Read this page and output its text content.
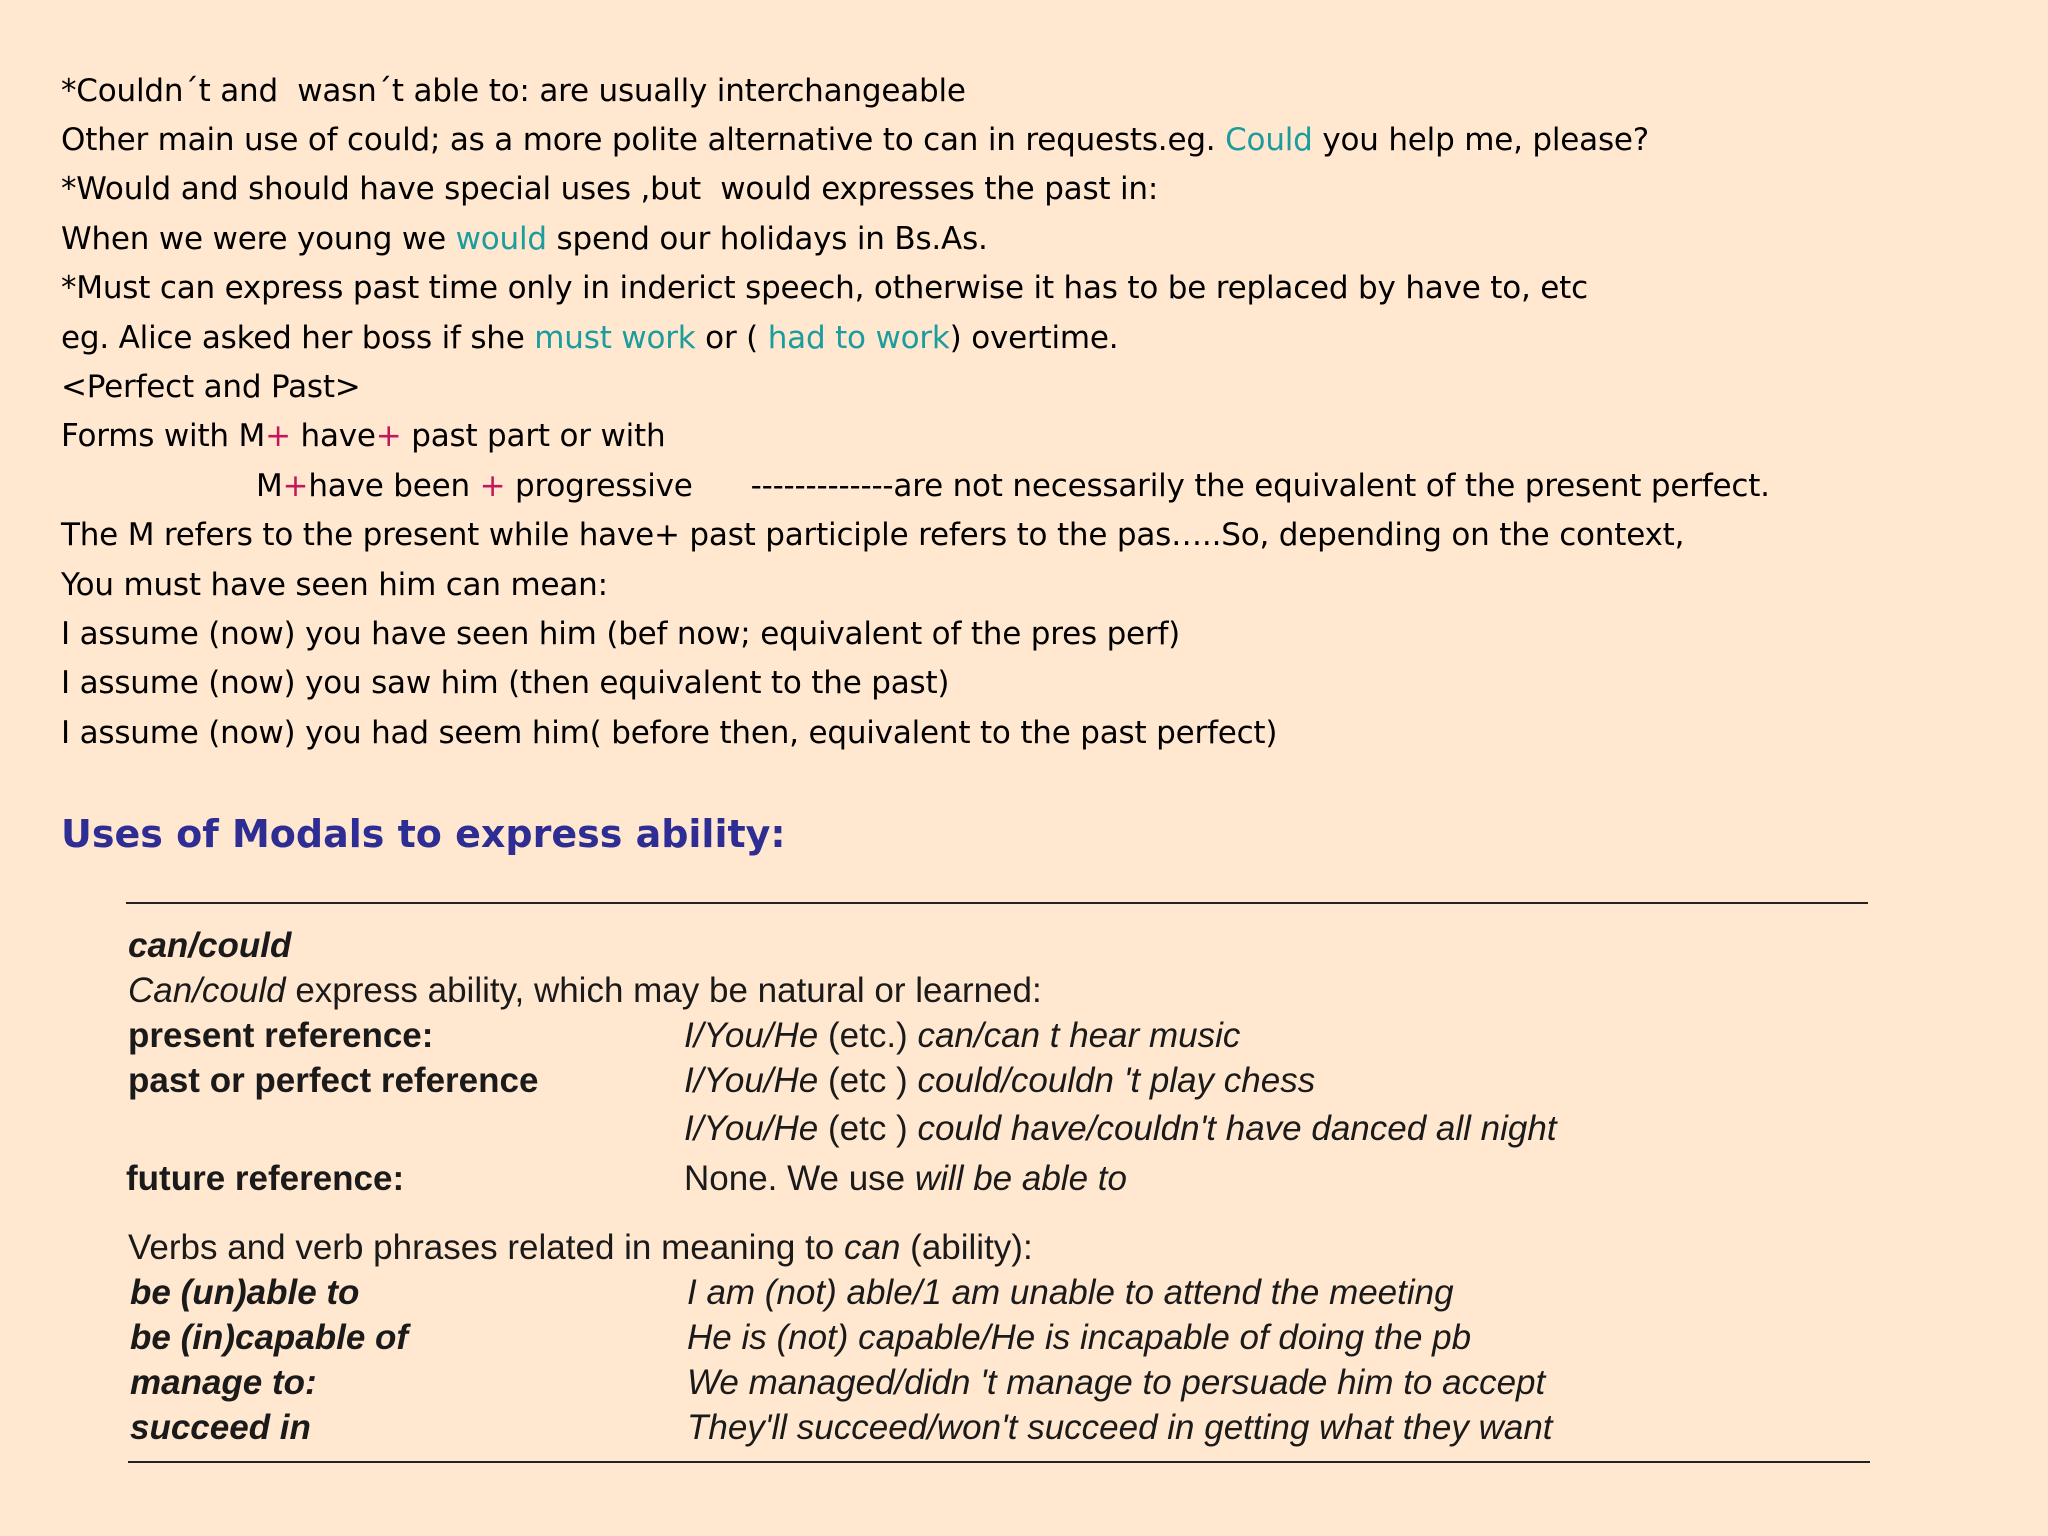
*Couldn´t and  wasn´t able to: are usually interchangeable
Other main use of could; as a more polite alternative to can in requests.eg. Could you help me, please?
*Would and should have special uses ,but  would expresses the past in:
When we were young we would spend our holidays in Bs.As.
*Must can express past time only in inderict speech, otherwise it has to be replaced by have to, etc
eg. Alice asked her boss if she must work or ( had to work) overtime.
<Perfect and Past>
Forms with M+ have+ past part or with
M+have been + progressive      -------------are not necessarily the equivalent of the present perfect.
The M refers to the present while have+ past participle refers to the pas…..So, depending on the context,
You must have seen him can mean:
I assume (now) you have seen him (bef now; equivalent of the pres perf)
I assume (now) you saw him (then equivalent to the past)
I assume (now) you had seem him( before then, equivalent to the past perfect)
Uses of Modals to express ability:
can/could
Can/could express ability, which may be natural or learned:
present reference:	I/You/He (etc.) can/can t hear music
past or perfect reference	I/You/He (etc ) could/couldn 't play chess
I/You/He (etc ) could have/couldn't have danced all night
future reference:	None. We use will be able to
Verbs and verb phrases related in meaning to can (ability):
be (un)able to	I am (not) able/1 am unable to attend the meeting
be (in)capable of	He is (not) capable/He is incapable of doing the pb
manage to:	We managed/didn 't manage to persuade him to accept
succeed in	They'll succeed/won't succeed in getting what they want
